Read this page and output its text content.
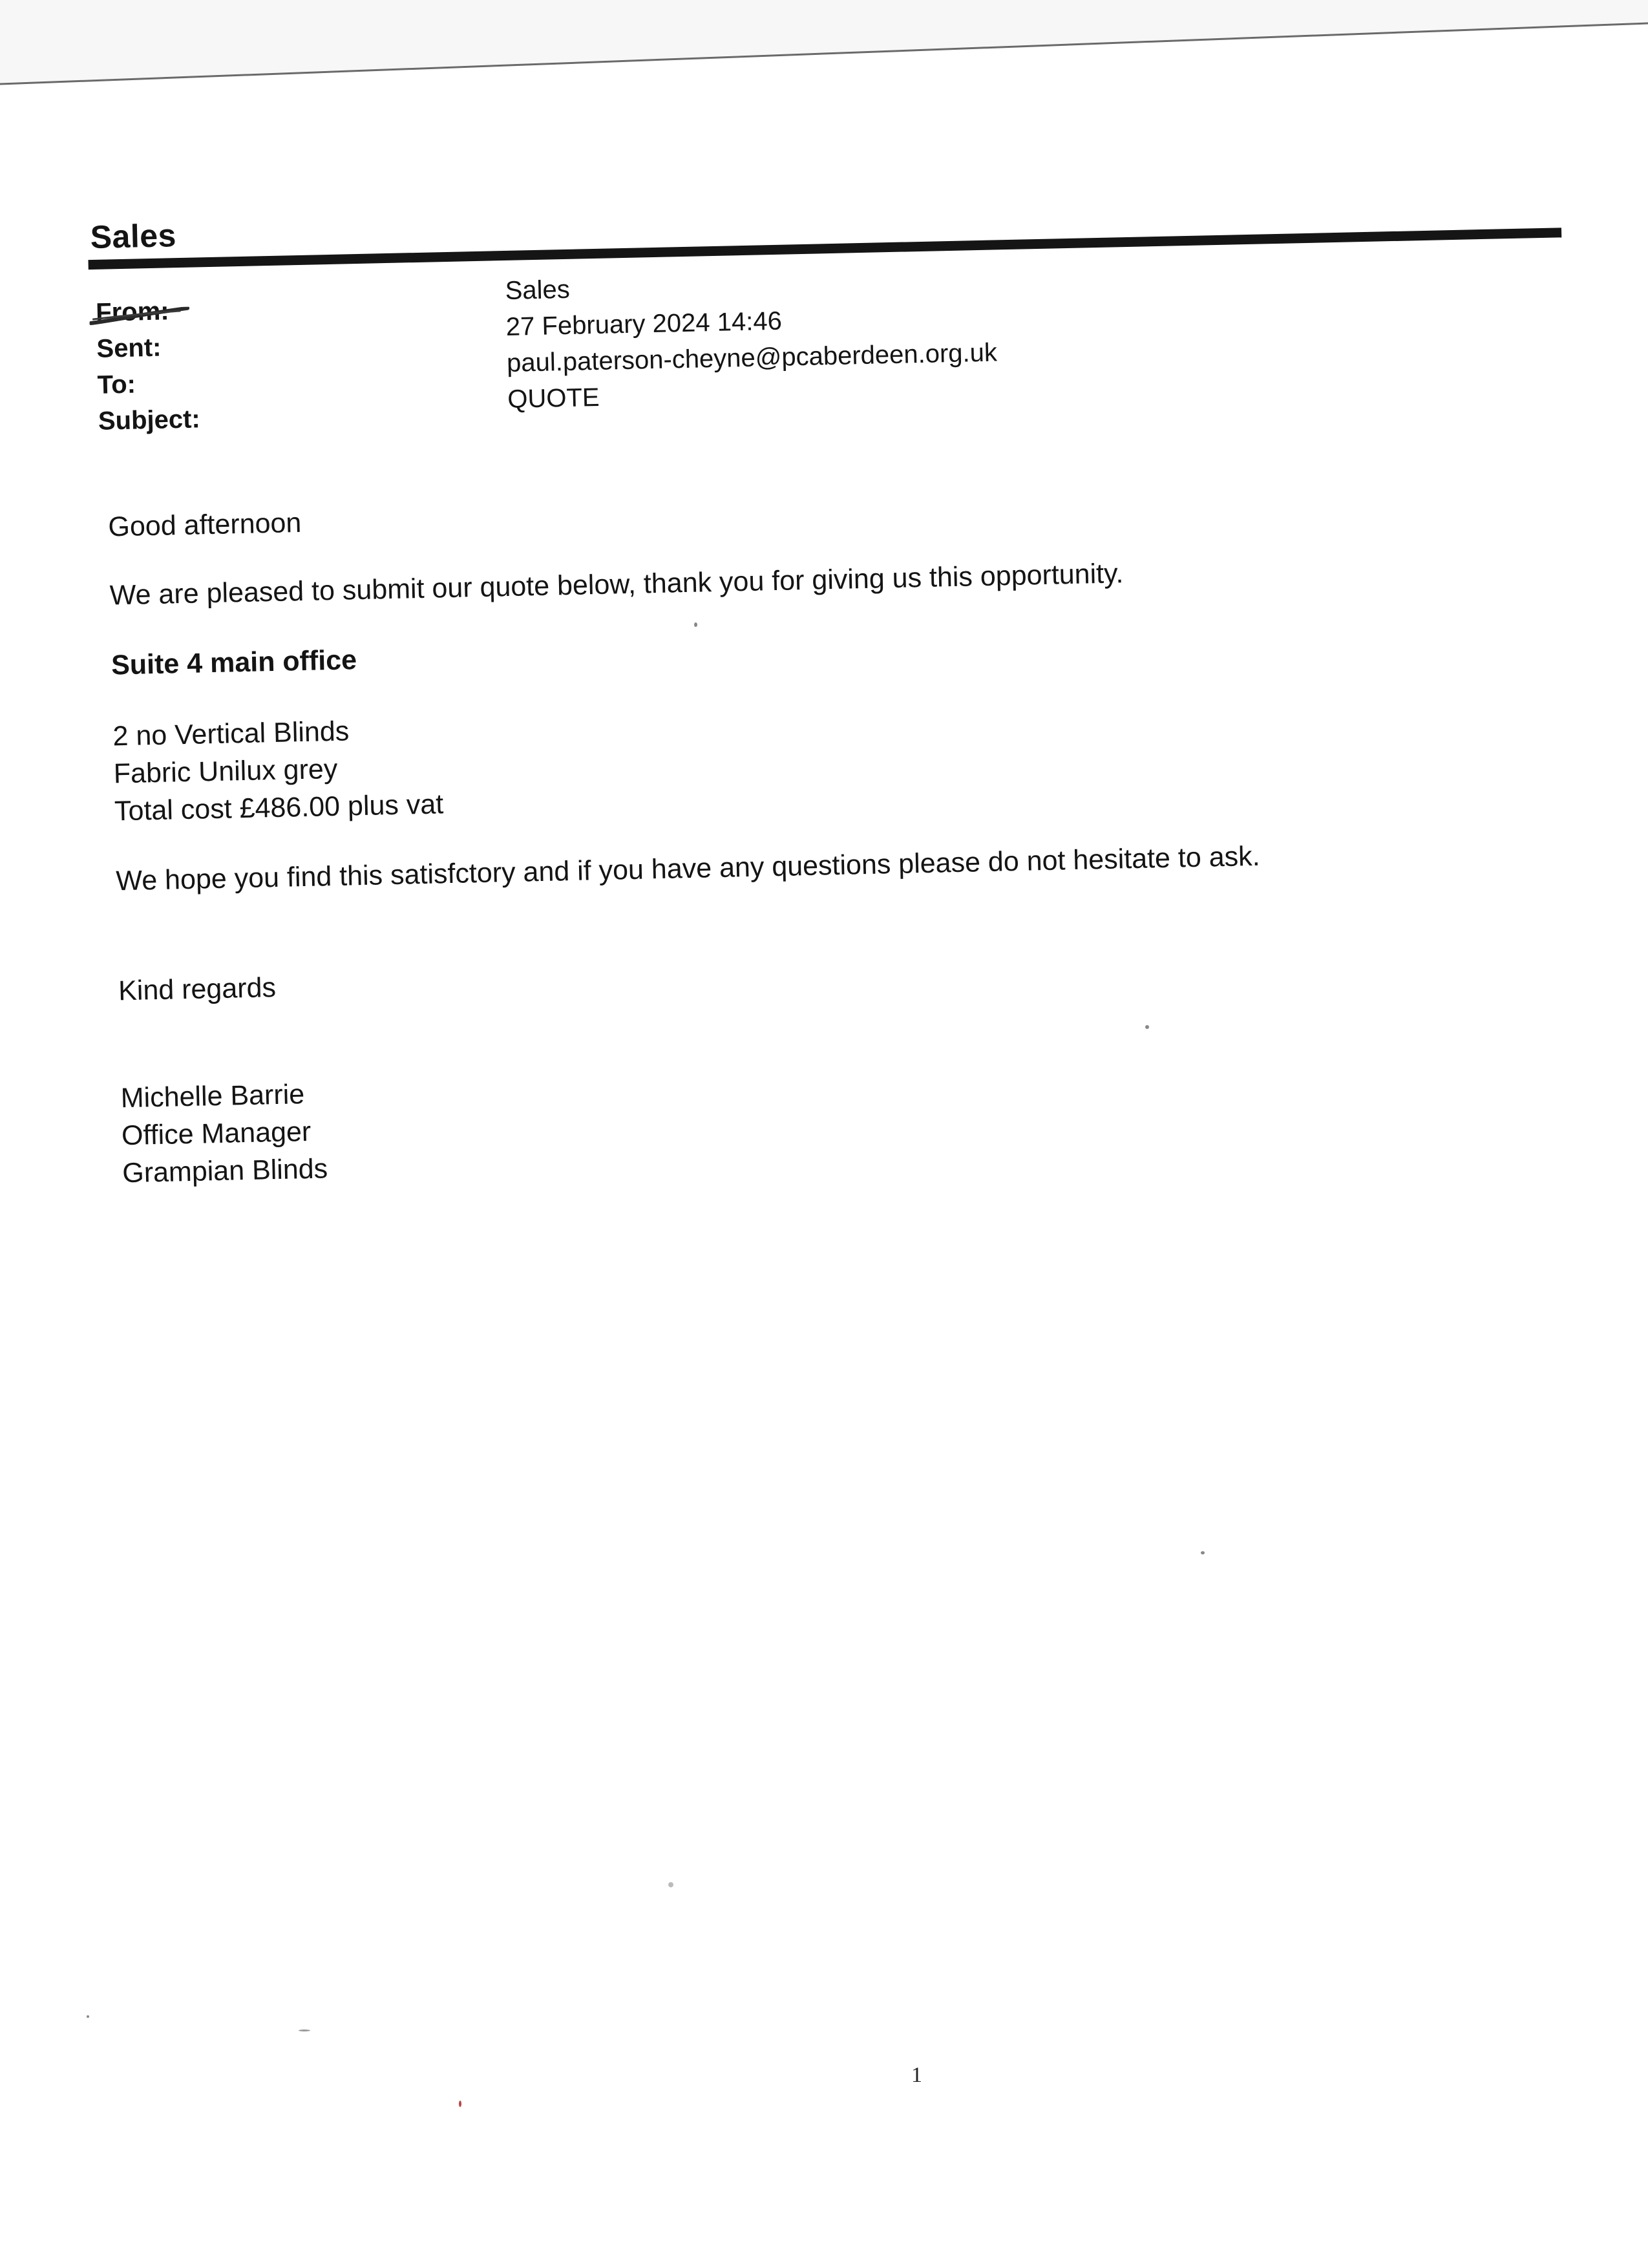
Sales
From:
Sent:
To:
Subject:
Sales
27 February 2024 14:46
paul.paterson-cheyne@pcaberdeen.org.uk
QUOTE
Good afternoon
We are pleased to submit our quote below, thank you for giving us this opportunity.
Suite 4 main office
2 no Vertical Blinds
Fabric Unilux grey
Total cost £486.00 plus vat
We hope you find this satisfctory and if you have any questions please do not hesitate to ask.
Kind regards
Michelle Barrie
Office Manager
Grampian Blinds
1
